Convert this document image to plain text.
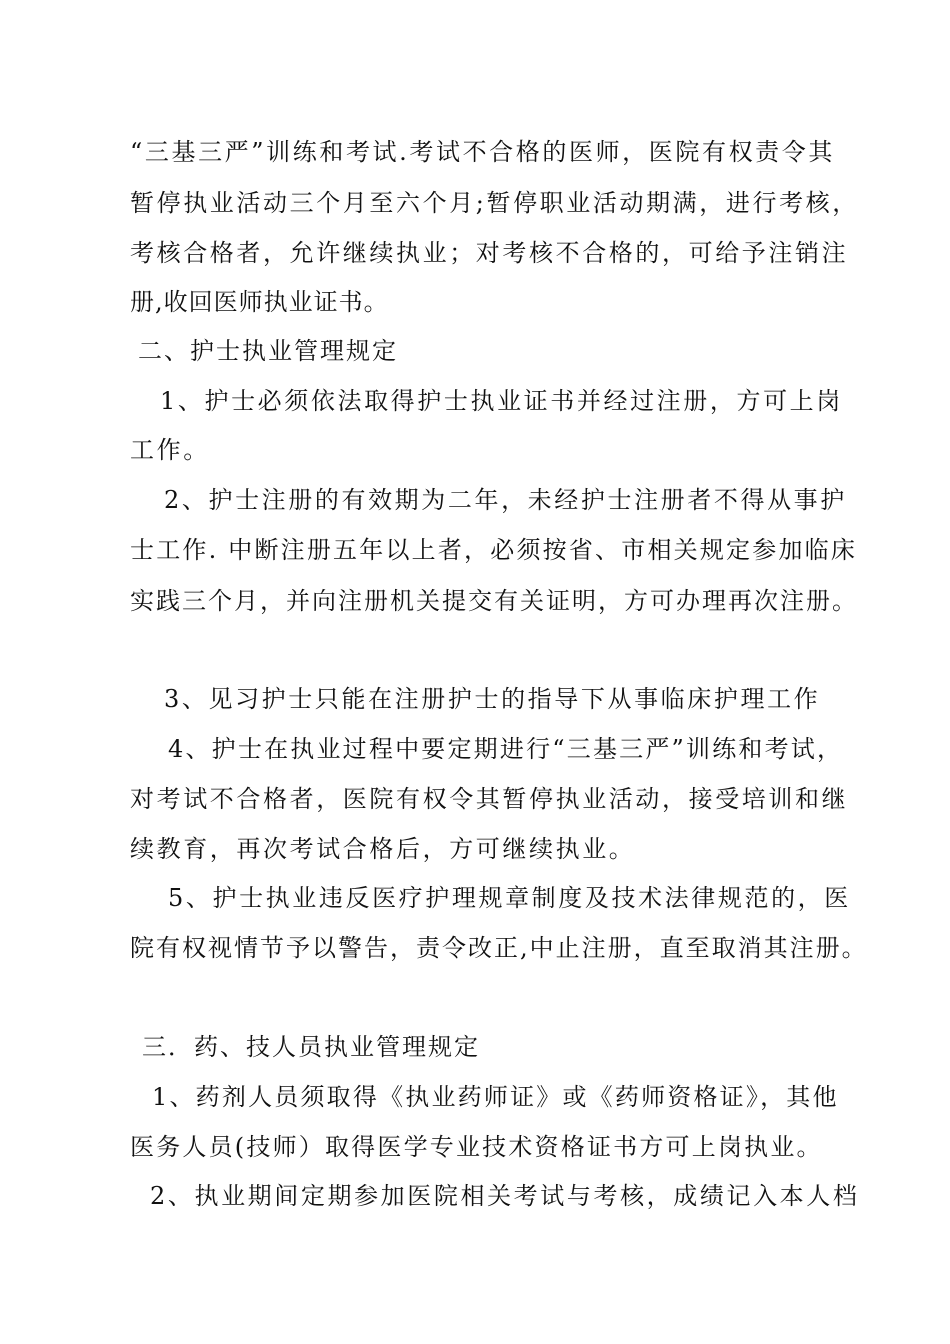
“三基三严”训练和考试.考试不合格的医师，医院有权责令其
暂停执业活动三个月至六个月;暂停职业活动期满，进行考核，
考核合格者，允许继续执业；对考核不合格的，可给予注销注
册,收回医师执业证书。
二、护士执业管理规定
1、护士必须依法取得护士执业证书并经过注册，方可上岗
工作。
2、护士注册的有效期为二年，未经护士注册者不得从事护
士工作. 中断注册五年以上者，必须按省、市相关规定参加临床
实践三个月，并向注册机关提交有关证明，方可办理再次注册。
3、见习护士只能在注册护士的指导下从事临床护理工作
4、护士在执业过程中要定期进行“三基三严”训练和考试，
对考试不合格者，医院有权令其暂停执业活动，接受培训和继
续教育，再次考试合格后，方可继续执业。
5、护士执业违反医疗护理规章制度及技术法律规范的，医
院有权视情节予以警告，责令改正,中止注册，直至取消其注册。
三．药、技人员执业管理规定
1、药剂人员须取得《执业药师证》或《药师资格证》，其他
医务人员(技师）取得医学专业技术资格证书方可上岗执业。
2、执业期间定期参加医院相关考试与考核，成绩记入本人档
